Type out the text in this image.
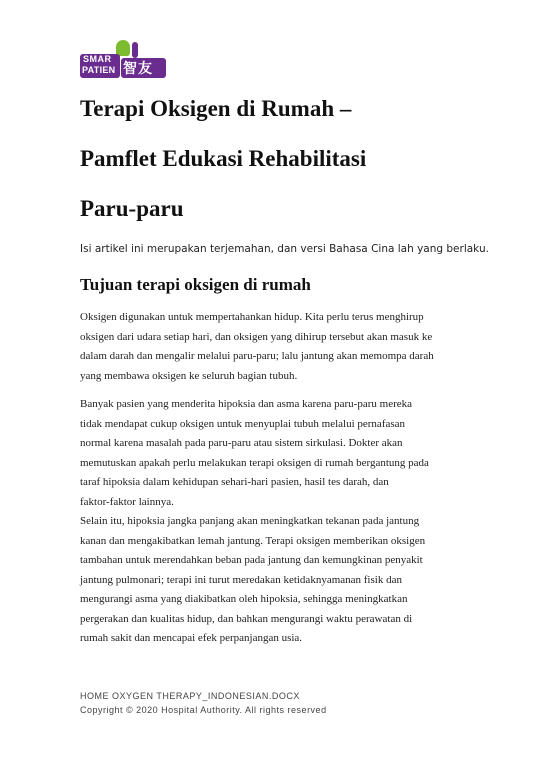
SMAR
PATIEN 智友站
Terapi Oksigen di Rumah –
Pamflet Edukasi Rehabilitasi
Paru-paru
Isi artikel ini merupakan terjemahan, dan versi Bahasa Cina lah yang berlaku.
Tujuan terapi oksigen di rumah
Oksigen digunakan untuk mempertahankan hidup. Kita perlu terus menghirup
oksigen dari udara setiap hari, dan oksigen yang dihirup tersebut akan masuk ke
dalam darah dan mengalir melalui paru-paru; lalu jantung akan memompa darah
yang membawa oksigen ke seluruh bagian tubuh.
Banyak pasien yang menderita hipoksia dan asma karena paru-paru mereka
tidak mendapat cukup oksigen untuk menyuplai tubuh melalui pernafasan
normal karena masalah pada paru-paru atau sistem sirkulasi. Dokter akan
memutuskan apakah perlu melakukan terapi oksigen di rumah bergantung pada
taraf hipoksia dalam kehidupan sehari-hari pasien, hasil tes darah, dan
faktor-faktor lainnya.
Selain itu, hipoksia jangka panjang akan meningkatkan tekanan pada jantung
kanan dan mengakibatkan lemah jantung. Terapi oksigen memberikan oksigen
tambahan untuk merendahkan beban pada jantung dan kemungkinan penyakit
jantung pulmonari; terapi ini turut meredakan ketidaknyamanan fisik dan
mengurangi asma yang diakibatkan oleh hipoksia, sehingga meningkatkan
pergerakan dan kualitas hidup, dan bahkan mengurangi waktu perawatan di
rumah sakit dan mencapai efek perpanjangan usia.
HOME OXYGEN THERAPY_INDONESIAN.DOCX
Copyright © 2020 Hospital Authority. All rights reserved
